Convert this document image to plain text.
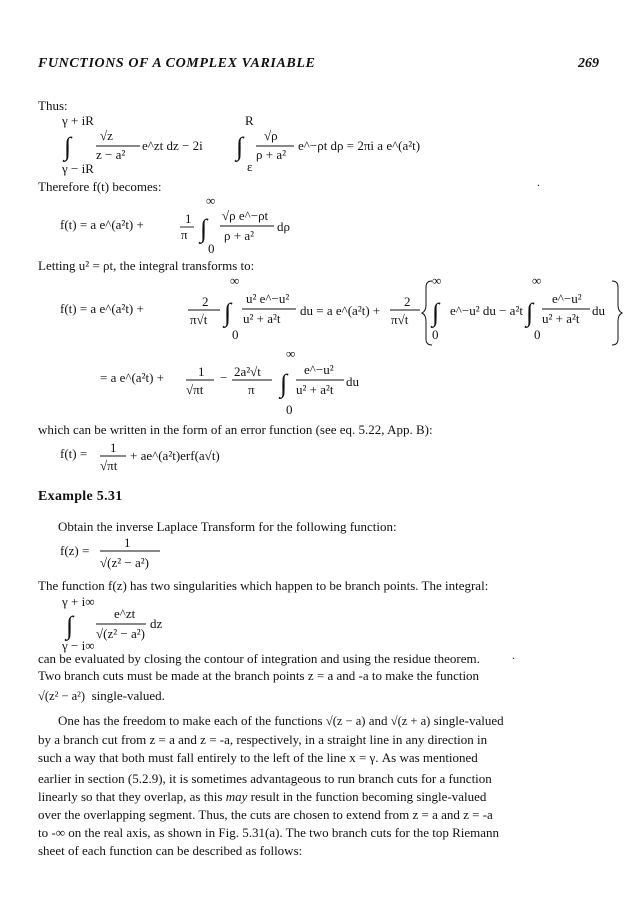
FUNCTIONS OF A COMPLEX VARIABLE	269
Thus:
γ + iR
γ − iR
∫ √z
z − a²
e^zt dz − 2i
R
ε
∫ √ρ
ρ + a²
e^−ρt dρ = 2πi a e^(a²t)
.
Therefore f(t) becomes:
f(t) = a e^(a²t) +	1
π
∞
0
∫ √ρ e^−ρt
ρ + a²
dρ
Letting u² = ρt, the integral transforms to:
f(t) = a e^(a²t) +	2
π√t
∞
0
∫ u² e^−u²
u² + a²t
du = a e^(a²t) +
2
π√t
∞
0
∫ e^−u² du − a²t
∞
0
∫ e^−u²
u² + a²t
du
= a e^(a²t) +	1
√πt
− 2a²√t
π
∞
0
∫ e^−u²
u² + a²t
du
which can be written in the form of an error function (see eq. 5.22, App. B):
f(t) = 1
√πt
+ ae^(a²t)erf(a√t)
Example 5.31
Obtain the inverse Laplace Transform for the following function:
f(z) =
1
√(z² − a²)
The function f(z) has two singularities which happen to be branch points. The integral:
γ + i∞
γ − i∞
∫	e^zt
√(z² − a²)
dz
can be evaluated by closing the contour of integration and using the residue theorem.	.
Two branch cuts must be made at the branch points z = a and -a to make the function
√(z² − a²) single-valued.
One has the freedom to make each of the functions √(z − a) and √(z + a) single-valued
by a branch cut from z = a and z = -a, respectively, in a straight line in any direction in
such a way that both must fall entirely to the left of the line x = γ. As was mentioned
earlier in section (5.2.9), it is sometimes advantageous to run branch cuts for a function
linearly so that they overlap, as this may result in the function becoming single-valued
over the overlapping segment. Thus, the cuts are chosen to extend from z = a and z = -a
to -∞ on the real axis, as shown in Fig. 5.31(a). The two branch cuts for the top Riemann
sheet of each function can be described as follows:
